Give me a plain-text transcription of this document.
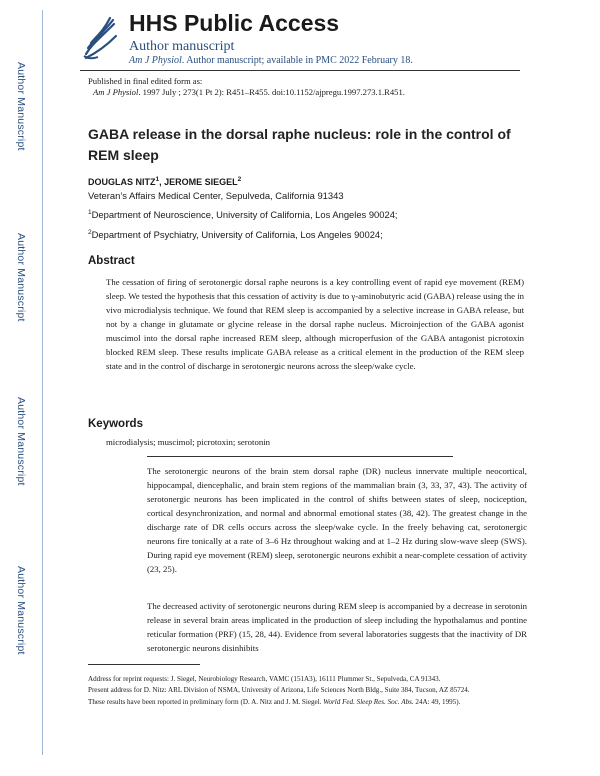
Author Manuscript
Author Manuscript
Author Manuscript
Author Manuscript
HHS Public Access
Author manuscript
Am J Physiol. Author manuscript; available in PMC 2022 February 18.
Published in final edited form as:
Am J Physiol. 1997 July ; 273(1 Pt 2): R451–R455. doi:10.1152/ajpregu.1997.273.1.R451.
GABA release in the dorsal raphe nucleus: role in the control of REM sleep
DOUGLAS NITZ$^1$, JEROME SIEGEL$^2$
Veteran’s Affairs Medical Center, Sepulveda, California 91343
$^1$Department of Neuroscience, University of California, Los Angeles 90024;
$^2$Department of Psychiatry, University of California, Los Angeles 90024;
Abstract
The cessation of firing of serotonergic dorsal raphe neurons is a key controlling event of rapid eye movement (REM) sleep. We tested the hypothesis that this cessation of activity is due to γ-aminobutyric acid (GABA) release using the in vivo microdialysis technique. We found that REM sleep is accompanied by a selective increase in GABA release, but not by a change in glutamate or glycine release in the dorsal raphe nucleus. Microinjection of the GABA agonist muscimol into the dorsal raphe increased REM sleep, although microperfusion of the GABA antagonist picrotoxin blocked REM sleep. These results implicate GABA release as a critical element in the production of the REM sleep state and in the control of discharge in serotonergic neurons across the sleep/wake cycle.
Keywords
microdialysis; muscimol; picrotoxin; serotonin
The serotonergic neurons of the brain stem dorsal raphe (DR) nucleus innervate multiple neocortical, hippocampal, diencephalic, and brain stem regions of the mammalian brain (3, 33, 37, 43). The activity of serotonergic neurons has been implicated in the control of shifts between states of sleep, nociception, cortical desynchronization, and normal and abnormal emotional states (38, 42). The greatest change in the discharge rate of DR cells occurs across the sleep/wake cycle. In the freely behaving cat, serotonergic neurons fire tonically at a rate of 3–6 Hz throughout waking and at 1–2 Hz during slow-wave sleep (SWS). During rapid eye movement (REM) sleep, serotonergic neurons exhibit a near-complete cessation of activity (23, 25).
The decreased activity of serotonergic neurons during REM sleep is accompanied by a decrease in serotonin release in several brain areas implicated in the production of sleep including the hypothalamus and pontine reticular formation (PRF) (15, 28, 44). Evidence from several laboratories suggests that the inactivity of DR serotonergic neurons disinhibits
Address for reprint requests: J. Siegel, Neurobiology Research, VAMC (151A3), 16111 Plummer St., Sepulveda, CA 91343.
Present address for D. Nitz: ARL Division of NSMA, University of Arizona, Life Sciences North Bldg., Suite 384, Tucson, AZ 85724.
These results have been reported in preliminary form (D. A. Nitz and J. M. Siegel. World Fed. Sleep Res. Soc. Abs. 24A: 49, 1995).
